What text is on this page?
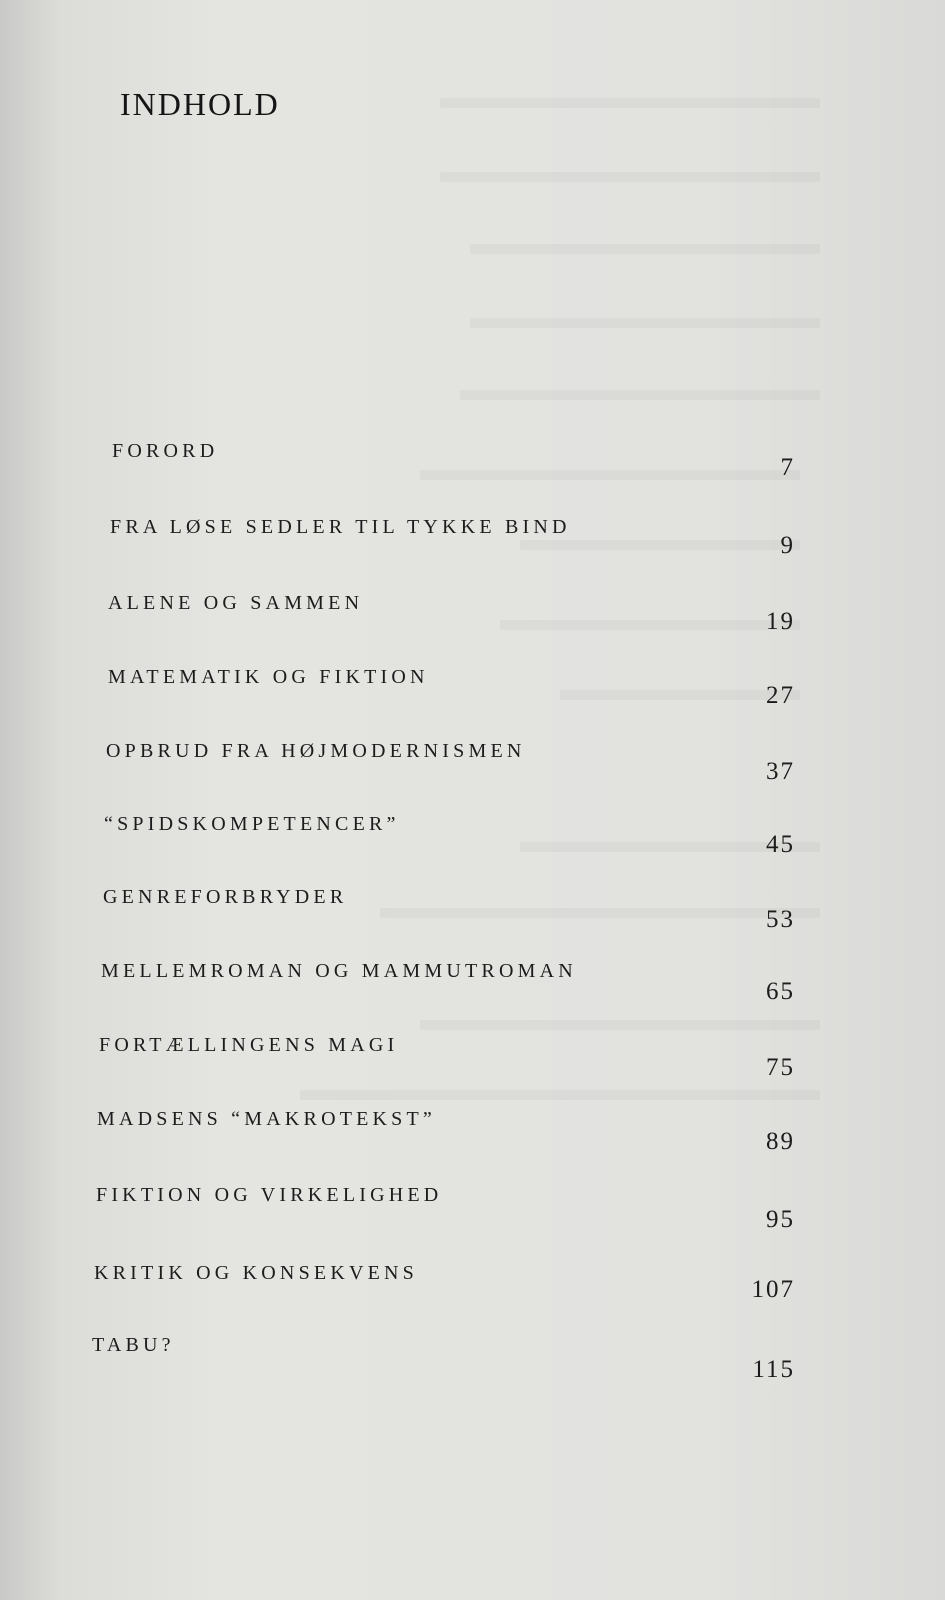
INDHOLD
FORORD
7
FRA LØSE SEDLER TIL TYKKE BIND
9
ALENE OG SAMMEN
19
MATEMATIK OG FIKTION
27
OPBRUD FRA HØJMODERNISMEN
37
“SPIDSKOMPETENCER”
45
GENREFORBRYDER
53
MELLEMROMAN OG MAMMUTROMAN
65
FORTÆLLINGENS MAGI
75
MADSENS “MAKROTEKST”
89
FIKTION OG VIRKELIGHED
95
KRITIK OG KONSEKVENS
107
TABU?
115
